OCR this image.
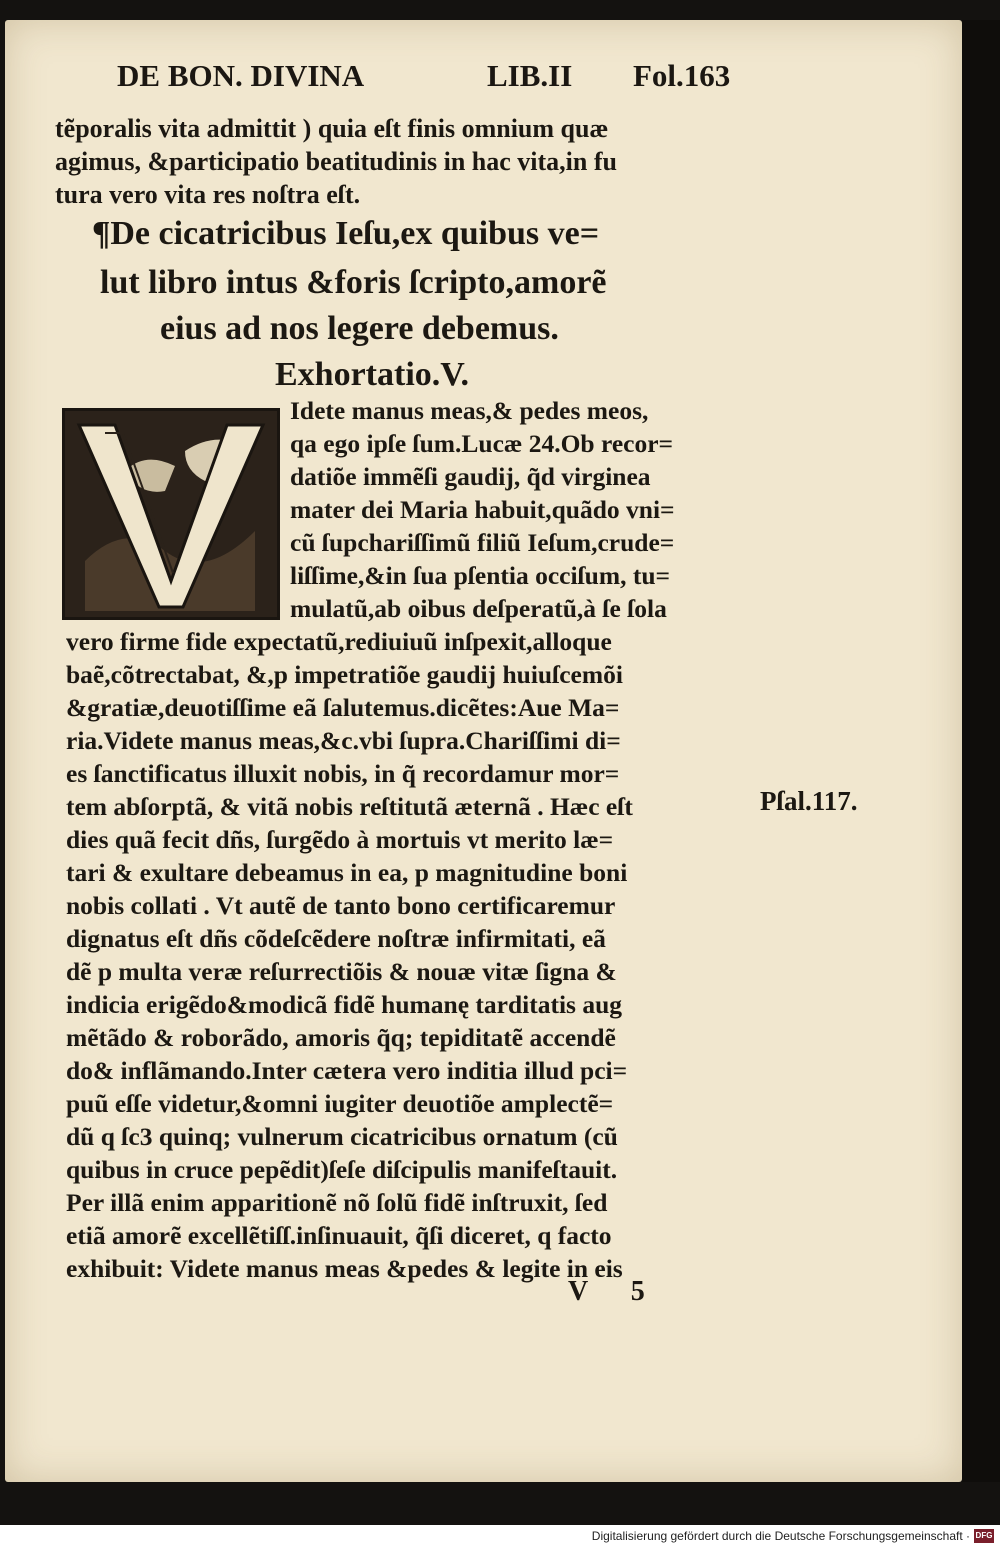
DE BON. DIVINA	LIB.II Fol.163
tẽporalis vita admittit ) quia eſt finis omnium quæ
agimus, &participatio beatitudinis in hac vita,in fu
tura vero vita res noſtra eſt.
¶De cicatricibus Ieſu,ex quibus ve=
lut libro intus &foris ſcripto,amorẽ
eius ad nos legere debemus.
Exhortatio.V.
Idete manus meas,& pedes meos,
qa ego ipſe ſum.Lucæ 24.Ob recor=
datiõe immẽſi gaudij, q̃d virginea
mater dei Maria habuit,quãdo vni=
cũ ſupchariſſimũ filiũ Ieſum,crude=
liſſime,&in ſua pſentia occiſum, tu=
mulatũ,ab oibus deſperatũ,à ſe ſola
vero firme fide expectatũ,rediuiuũ inſpexit,alloque
baẽ,cõtrectabat, &,p impetratiõe gaudij huiuſcemõi
&gratiæ,deuotiſſime eã ſalutemus.dicẽtes:Aue Ma=
ria.Videte manus meas,&c.vbi ſupra.Chariſſimi di=
es ſanctificatus illuxit nobis, in q̃ recordamur mor=
tem abſorptã, & vitã nobis reſtitutã æternã . Hæc eſt
dies quã fecit dñs, ſurgẽdo à mortuis vt merito læ=
tari & exultare debeamus in ea, p magnitudine boni
nobis collati . Vt autẽ de tanto bono certificaremur
dignatus eſt dñs cõdeſcẽdere noſtræ infirmitati, eã
dẽ p multa veræ reſurrectiõis & nouæ vitæ ſigna &
indicia erigẽdo&modicã fidẽ humanę tarditatis aug
mẽtãdo & roborãdo, amoris q̃q; tepiditatẽ accendẽ
do& inflãmando.Inter cætera vero inditia illud pci=
puũ eſſe videtur,&omni iugiter deuotiõe amplectẽ=
dũ q ſc3 quinq; vulnerum cicatricibus ornatum (cũ
quibus in cruce pepẽdit)ſeſe diſcipulis manifeſtauit.
Per illã enim apparitionẽ nõ ſolũ fidẽ inſtruxit, ſed
etiã amorẽ excellẽtiſſ.inſinuauit, q̃ſi diceret, q facto
exhibuit: Videte manus meas &pedes & legite in eis
Pſal.117.
V 5
Digitalisierung gefördert durch die Deutsche Forschungsgemeinschaft · DFG
